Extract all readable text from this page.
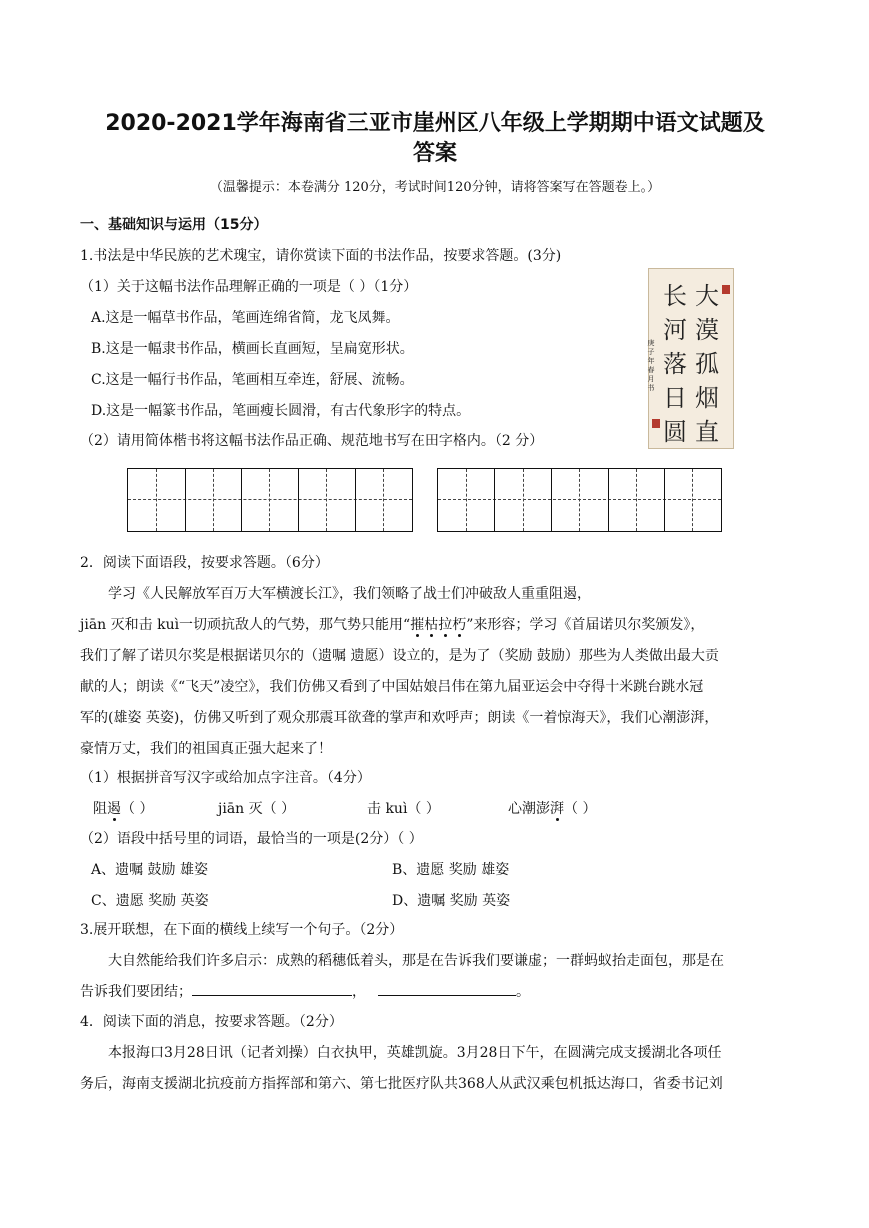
2020-2021学年海南省三亚市崖州区八年级上学期期中语文试题及
答案
（温馨提示：本卷满分 120分，考试时间120分钟，请将答案写在答题卷上。）
一、基础知识与运用（15分）
1.书法是中华民族的艺术瑰宝，请你赏读下面的书法作品，按要求答题。(3分)
（1）关于这幅书法作品理解正确的一项是（ ）（1分）
A.这是一幅草书作品，笔画连绵省简，龙飞凤舞。
B.这是一幅隶书作品，横画长直画短，呈扁宽形状。
C.这是一幅行书作品，笔画相互牵连，舒展、流畅。
D.这是一幅篆书作品，笔画瘦长圆滑，有古代象形字的特点。
（2）请用简体楷书将这幅书法作品正确、规范地书写在田字格内。（2 分）
大漠孤烟直
长河落日圆
庚子年春月书
2．阅读下面语段，按要求答题。（6分）
学习《人民解放军百万大军横渡长江》，我们领略了战士们冲破敌人重重阻遏，
jiān 灭和击 kuì一切顽抗敌人的气势，那气势只能用“摧枯拉朽”来形容；学习《首届诺贝尔奖颁发》，
我们了解了诺贝尔奖是根据诺贝尔的（遗嘱 遗愿）设立的，是为了（奖励 鼓励）那些为人类做出最大贡
献的人；朗读《“飞天”凌空》，我们仿佛又看到了中国姑娘吕伟在第九届亚运会中夺得十米跳台跳水冠
军的(雄姿 英姿)，仿佛又听到了观众那震耳欲聋的掌声和欢呼声；朗读《一着惊海天》，我们心潮澎湃，
豪情万丈，我们的祖国真正强大起来了！
（1）根据拼音写汉字或给加点字注音。（4分）
阻遏（ ）	jiān 灭（ ）	击 kuì（ ）	心潮澎湃（ ）
（2）语段中括号里的词语，最恰当的一项是(2分）（ ）
A、遗嘱 鼓励 雄姿	B、遗愿 奖励 雄姿
C、遗愿 奖励 英姿	D、遗嘱 奖励 英姿
3.展开联想，在下面的横线上续写一个句子。（2分）
大自然能给我们许多启示：成熟的稻穗低着头，那是在告诉我们要谦虚；一群蚂蚁抬走面包，那是在
告诉我们要团结；	，	。
4．阅读下面的消息，按要求答题。（2分）
本报海口3月28日讯（记者刘操）白衣执甲，英雄凯旋。3月28日下午，在圆满完成支援湖北各项任
务后，海南支援湖北抗疫前方指挥部和第六、第七批医疗队共368人从武汉乘包机抵达海口，省委书记刘
